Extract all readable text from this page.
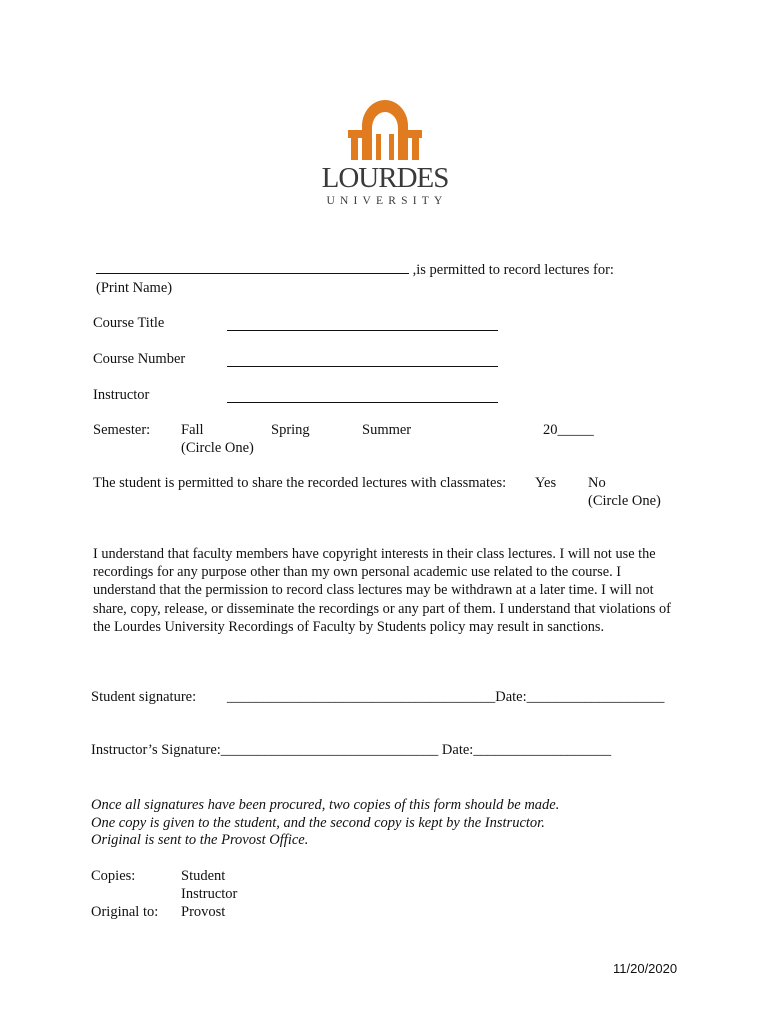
LOURDES
UNIVERSITY
,is permitted to record lectures for:
(Print Name)
Course Title
Course Number
Instructor
Semester: Fall	Spring	Summer	20_____
(Circle One)
The student is permitted to share the recorded lectures with classmates: Yes No
(Circle One)
I understand that faculty members have copyright interests in their class lectures. I will not use the recordings for any purpose other than my own personal academic use related to the course. I understand that the permission to record class lectures may be withdrawn at a later time. I will not share, copy, release, or disseminate the recordings or any part of them. I understand that violations of the Lourdes University Recordings of Faculty by Students policy may result in sanctions.
Student signature: _____________________________________Date:___________________
Instructor’s Signature:______________________________ Date:___________________
Once all signatures have been procured, two copies of this form should be made.
One copy is given to the student, and the second copy is kept by the Instructor.
Original is sent to the Provost Office.
Copies:	Student
Instructor
Original to: Provost
11/20/2020
